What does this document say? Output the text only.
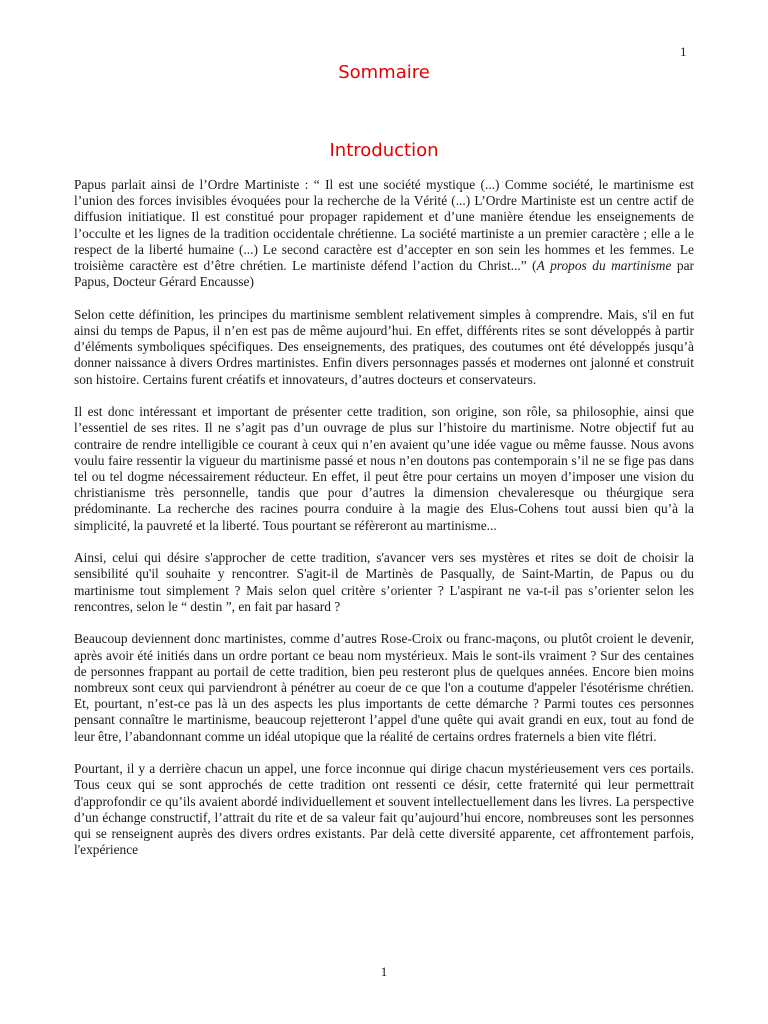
1
Sommaire
Introduction

Papus parlait ainsi de l’Ordre Martiniste : “ Il est une société mystique (...) Comme société, le martinisme est l’union des forces invisibles évoquées pour la recherche de la Vérité (...) L’Ordre Martiniste est un centre actif de diffusion initiatique. Il est constitué pour propager rapidement et d’une manière étendue les enseignements de l’occulte et les lignes de la tradition occidentale chrétienne. La société martiniste a un premier caractère ; elle a le respect de la liberté humaine (...) Le second caractère est d’accepter en son sein les hommes et les femmes. Le troisième caractère est d’être chrétien. Le martiniste défend l’action du Christ...” (A propos du martinisme par Papus, Docteur Gérard Encausse)

Selon cette définition, les principes du martinisme semblent relativement simples à comprendre. Mais, s'il en fut ainsi du temps de Papus, il n’en est pas de même aujourd’hui. En effet, différents rites se sont développés à partir d’éléments symboliques spécifiques. Des enseignements, des pratiques, des coutumes ont été développés jusqu’à donner naissance à divers Ordres martinistes. Enfin divers personnages passés et modernes ont jalonné et construit son histoire. Certains furent créatifs et innovateurs, d’autres docteurs et conservateurs.

Il est donc intéressant et important de présenter cette tradition, son origine, son rôle, sa philosophie, ainsi que l’essentiel de ses rites. Il ne s’agit pas d’un ouvrage de plus sur l’histoire du martinisme. Notre objectif fut au contraire de rendre intelligible ce courant à ceux qui n’en avaient qu’une idée vague ou même fausse. Nous avons voulu faire ressentir la vigueur du martinisme passé et nous n’en doutons pas contemporain s’il ne se fige pas dans tel ou tel dogme nécessairement réducteur. En effet, il peut être pour certains un moyen d’imposer une vision du christianisme très personnelle, tandis que pour d’autres la dimension chevaleresque ou théurgique sera prédominante. La recherche des racines pourra conduire à la magie des Elus-Cohens tout aussi bien qu’à la simplicité, la pauvreté et la liberté. Tous pourtant se réfèreront au martinisme...

Ainsi, celui qui désire s'approcher de cette tradition, s'avancer vers ses mystères et rites se doit de choisir la sensibilité qu'il souhaite y rencontrer. S'agit-il de Martinès de Pasqually, de Saint-Martin, de Papus ou du martinisme tout simplement ? Mais selon quel critère s’orienter ? L'aspirant ne va-t-il pas s’orienter selon les rencontres, selon le “ destin ”, en fait par hasard ?

Beaucoup deviennent donc martinistes, comme d’autres Rose-Croix ou franc-maçons, ou plutôt croient le devenir, après avoir été initiés dans un ordre portant ce beau nom mystérieux. Mais le sont-ils vraiment ? Sur des centaines de personnes frappant au portail de cette tradition, bien peu resteront plus de quelques années. Encore bien moins nombreux sont ceux qui parviendront à pénétrer au coeur de ce que l'on a coutume d'appeler l'ésotérisme chrétien. Et, pourtant, n’est-ce pas là un des aspects les plus importants de cette démarche ? Parmi toutes ces personnes pensant connaître le martinisme, beaucoup rejetteront l’appel d'une quête qui avait grandi en eux, tout au fond de leur être, l’abandonnant comme un idéal utopique que la réalité de certains ordres fraternels a bien vite flétri.

Pourtant, il y a derrière chacun un appel, une force inconnue qui dirige chacun mystérieusement vers ces portails. Tous ceux qui se sont approchés de cette tradition ont ressenti ce désir, cette fraternité qui leur permettrait d'approfondir ce qu’ils avaient abordé individuellement et souvent intellectuellement dans les livres. La perspective d’un échange constructif, l’attrait du rite et de sa valeur fait qu’aujourd’hui encore, nombreuses sont les personnes qui se renseignent auprès des divers ordres existants. Par delà cette diversité apparente, cet affrontement parfois, l'expérience

1
